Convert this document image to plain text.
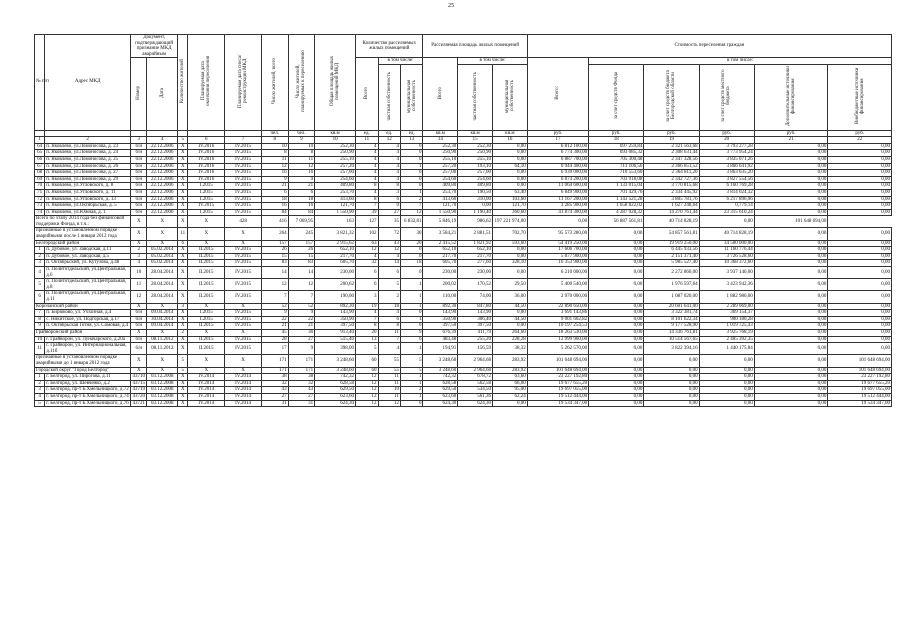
25
№ п/п	Адрес МКД	Документ, подтверждающий признание МКД аварийным		Количество жителей	Планируемая дата окончания переселения	Планируемая дата сноса/ реконструкции МКД	Число жителей, всего	Число жителей, планируемых к переселению	Общая площадь жилых помещений МКД	Количество расселяемых жилых помещений			Расселяемая площадь жилых помещений			Стоимость переселения граждан					
		Номер	Дата							Всего	в том числе:		Всего	в том числе:		Всего:	в том числе:				
											частная собственность	муниципальная собственность		частная собственность	муниципальная собственность		за счет средств Фонда	за счет средств бюджета Белгородской области	за счет средств местного бюджета	Дополнительные источники финансирования	Внебюджетные источники финансирования
							чел.	чел.	кв.м	ед.	ед.	ед.	кв.м	кв.м	кв.м	руб.	руб.	руб.	руб.	руб.	руб.
1	2	3	4	5	6	7	8	9	10	11	12	13	14	15	16	17	18	19	20	21	22
64	п. Яковлево, ул.Ломоносова, д. 23	6/н	22.12.2006	X	IV.2016	IV.2015	10	10	252,30	4	4	0	252,30	252,30	0,00	6 812 100,00	697 259,84	2 321 563,68	3 793 277,28	0,00	0,00
65	п. Яковлево, ул.Ломоносова, д. 24	6/н	22.12.2006	X	IV.2016	IV.2015	8	8	250,90	4	4	0	250,90	250,90	0,00	6 774 300,00	693 085,32	2 308 631,44	3 773 954,24	0,00	0,00
66	п. Яковлево, ул.Ломоносова, д. 25	6/н	22.12.2006	X	IV.2016	IV.2015	11	11	255,10	4	4	0	255,10	255,10	0,00	6 887 700,00	705 300,48	2 347 328,56	3 835 071,26	0,00	0,00
67	п. Яковлево, ул.Ломоносова, д. 26	6/н	22.12.2006	X	IV.2016	IV.2015	12	12	257,20	4	4	1	257,20	193,10	64,10	6 944 400,00	711 106,56	2 366 651,52	3 866 641,92	0,00	0,00
68	п. Яковлево, ул.Ломоносова, д. 27	6/н	22.12.2006	X	IV.2016	IV.2015	16	16	257,00	4	4	0	257,00	257,00	0,00	6 939 000,00	710 553,60	2 364 811,20	3 863 635,20	0,00	0,00
69	п. Яковлево, ул.Ломоносова, д. 29	6/н	22.12.2006	X	IV.2016	IV.2015	9	9	254,60	4	4	0	254,60	254,60	0,00	6 874 200,00	703 918,08	2 342 727,36	3 827 554,56	0,00	0,00
70	п. Яковлево, ул.Угловского, д. 8	6/н	22.12.2006	X	I.2015	IV.2015	21	21	409,80	8	8	0	409,80	409,80	0,00	11 064 600,00	1 133 015,04	3 770 815,68	6 160 769,28	0,00	0,00
71	п. Яковлево, ул.Угловского, д. 11	6/н	22.12.2006	X	I.2015	IV.2015	6	6	253,70	4	3	1	253,70	190,50	63,40	6 849 900,00	701 429,76	2 334 445,92	3 814 024,32	0,00	0,00
72	п. Яковлево, ул.Угловского, д. 13	6/н	22.12.2006	X	I.2015	IV.2015	18	18	413,60	8	6	2	413,60	310,00	103,60	11 167 200,00	1 143 521,28	3 805 781,76	6 217 896,96	0,00	0,00
73	п. Яковлево, ул.Октябрьская, д. 5	6/н	22.12.2006	X	IV.2015	IV.2015	16	16	121,70	7	0	7	121,70	0,00	121,70	3 285 900,00	1 658 822,02	1 627 248,64	0,779,14	0,00	0,00
74	п. Яковлево, ул.Южная, д. 1	6/н	22.12.2006	X	I.2015	IV.2015	84	84	1 550,90	39	27	12	1 550,90	1 190,40	360,60	41 874 300,00	4 287 928,32	14 270 761,44	23 315 610,24	0,00	0,00
Всего по этапу 2014 года без финансовой поддержки Фонда, в т.ч.:		X	X	X	X	428	416	7 069,95	163	127	35	6 832,81	5 846,19	986,62	197 221 974,00	0,00	56 887 561,81	40 714 828,19	0,00	101 648 694,00	
признанные в установленном порядке аварийными после 1 января 2012 года		X	X	11	X	X	264	245	3 821,32	102	72	30	3 584,21	2 881,51	702,70	95 573 280,00	0,00	54 857 561,81	40 714 828,19	0,00	0,00
Белгородский район		X	X	6	X	X	157	157	2 915,62	63	43	20	2 415,52	1 821,92	593,60	54 419 250,00	0,00	19 919 250,00	34 500 000,00	0,00	0,00
1	п. Дубовое, ул. Заводская, д.11	2	05.02.2014	X	II.2015	IV.2015	26	26	652,10	12	12	0	652,10	652,10	0,00	17 606 700,00	0,00	6 445 933,56	11 160 776,44	0,00	0,00
2	п. Дубовое, ул. Заводская, д.5	3	05.02.2014	X	II.2015	IV.2015	15	15	217,70	4	4	0	217,70	217,70	0,00	5 877 900,00	0,00	2 151 371,40	3 726 528,60	0,00	0,00
3	п. Октябрьский, ул. Кутузова, д.48	4	05.02.2014	X	II.2015	IV.2015	83	83	605,70	32	14	18	605,70	277,60	328,10	16 353 900,00	0,00	5 985 527,40	10 368 372,60	0,00	0,00
4	п. Политотдельский, ул.Центральная, д.6	10	28.04.2014	X	II.2015	IV.2015	14	14	230,00	6	6	0	230,00	230,00	0,00	6 210 000,00	0,00	2 272 860,00	3 937 140,00	0,00	0,00
5	п. Политотдельский, ул.Центральная, д.8	11	28.04.2014	X	II.2015	IV.2015	12	12	200,62	6	5	1	200,02	170,52	29,50	5 400 540,00	0,00	1 976 597,64	3 423 942,36	0,00	0,00
6	п. Политотдельский, ул.Центральная, д.11	12	28.04.2014	X	II.2015	IV.2015	7	7	190,00	3	2	1	110,00	74,00	36,00	2 970 000,00	0,00	1 087 020,00	1 882 980,00	0,00	0,00
Корочанский район		X	X	3	X	X	52	52	892,30	19	18	1	892,30	847,80	44,50	22 890 650,00	0,00	20 601 641,00	2 289 069,00	0,00	0,00
7	п. Бирюково, ул. Учхозная, д.4	6/н	09.04.2014	X	I.2015	IV.2015	9	9	143,90	4	4	0	143,90	143,90	0,00	3 691 143,86	0,00	3 322 381,74	369 154,37	0,00	0,00
8	с. Никитское, ул. Подгорская, д.17	6/н	30.04.2014	X	I.2015	IV.2015	22	22	350,90	7	6	1	350,90	306,40	44,50	9 001 602,82	0,00	8 101 622,34	900 180,28	0,00	0,00
9	п. Октябрьская Готня, ул. Сомовая, д.4	6/н	09.04.2014	X	II.2015	IV.2015	21	21	397,50	8	8	0	397,50	397,50	0,00	10 197 254,53	0,00	9 177 528,90	1 019 725,43	0,00	0,00
Грайворонский район		X	X	2	X	X	45	36	913,40	20	11	9	676,39	411,79	264,60	18 263 530,00	0,00	14 336 761,81	3 925 768,19	0,00	0,00
10	г. Грайворон, ул. Луначарского, д.20а	6/н	08.11.2012	X	II.2015	IV.2015	28	27	515,40	13	7	6	483,48	255,20	228,28	12 999 960,00	0,00	10 514 567,65	2 485 392,35	0,00	0,00
11	г. Грайворон, ул. Интернациональная, д.11б	6/н	08.11.2012	X	II.2015	IV.2015	17	9	398,00	5	4	1	194,91	156,59	38,32	5 262 570,00	0,00	3 822 394,16	1 440 175,84	0,00	0,00
признанные в установленном порядке аварийными до 1 января 2012 года		X	X	5	X	X	171	171	3 248,60	60	55	5	3 248,60	2 964,68	283,92	101 648 694,00	0,00	0,00	0,00	0,00	101 648 694,00
Городской округ "Город Белгород"		X	X	5	X	X	171	171	3 248,60	60	55	5	3 248,60	2 964,68	283,92	101 648 694,00	0,00	0,00	0,00	0,00	101 648 694,00
1	г. Белгород, ул. Пирогова, д.11	43710	03.12.2008	X	IV.2014	IV.2014	38	38	742,32	12	11	1	742,32	678,72	63,60	23 227 192,80	0,00	0,00	0,00	0,00	23 227 192,80
2	г. Белгород, ул. Шевченко, д.2	43715	03.12.2008	X	IV.2014	IV.2014	32	32	628,58	12	11	1	628,58	562,58	66,00	19 677 655,20	0,00	0,00	0,00	0,00	19 677 655,20
3	г. Белгород, пр-т Б.Хмельницкого, д.72	43719	03.12.2008	X	IV.2014	IV.2014	43	43	629,50	12	10	2	629,50	534,50	95,00	19 697 055,00	0,00	0,00	0,00	0,00	19 697 055,00
4	г. Белгород, пр-т Б.Хмельницкого, д.74	43720	03.12.2008	X	IV.2014	IV.2014	27	27	623,60	12	11	1	623,60	561,36	62,24	19 512 444,00	0,00	0,00	0,00	0,00	19 512 444,00
5	г. Белгород, пр-т Б.Хмельницкого, д.76	43721	03.12.2008	X	IV.2014	IV.2014	31	31	624,30	12	12	0	624,30	624,30	0,00	19 534 347,00	0,00	0,00	0,00	0,00	19 534 347,00
